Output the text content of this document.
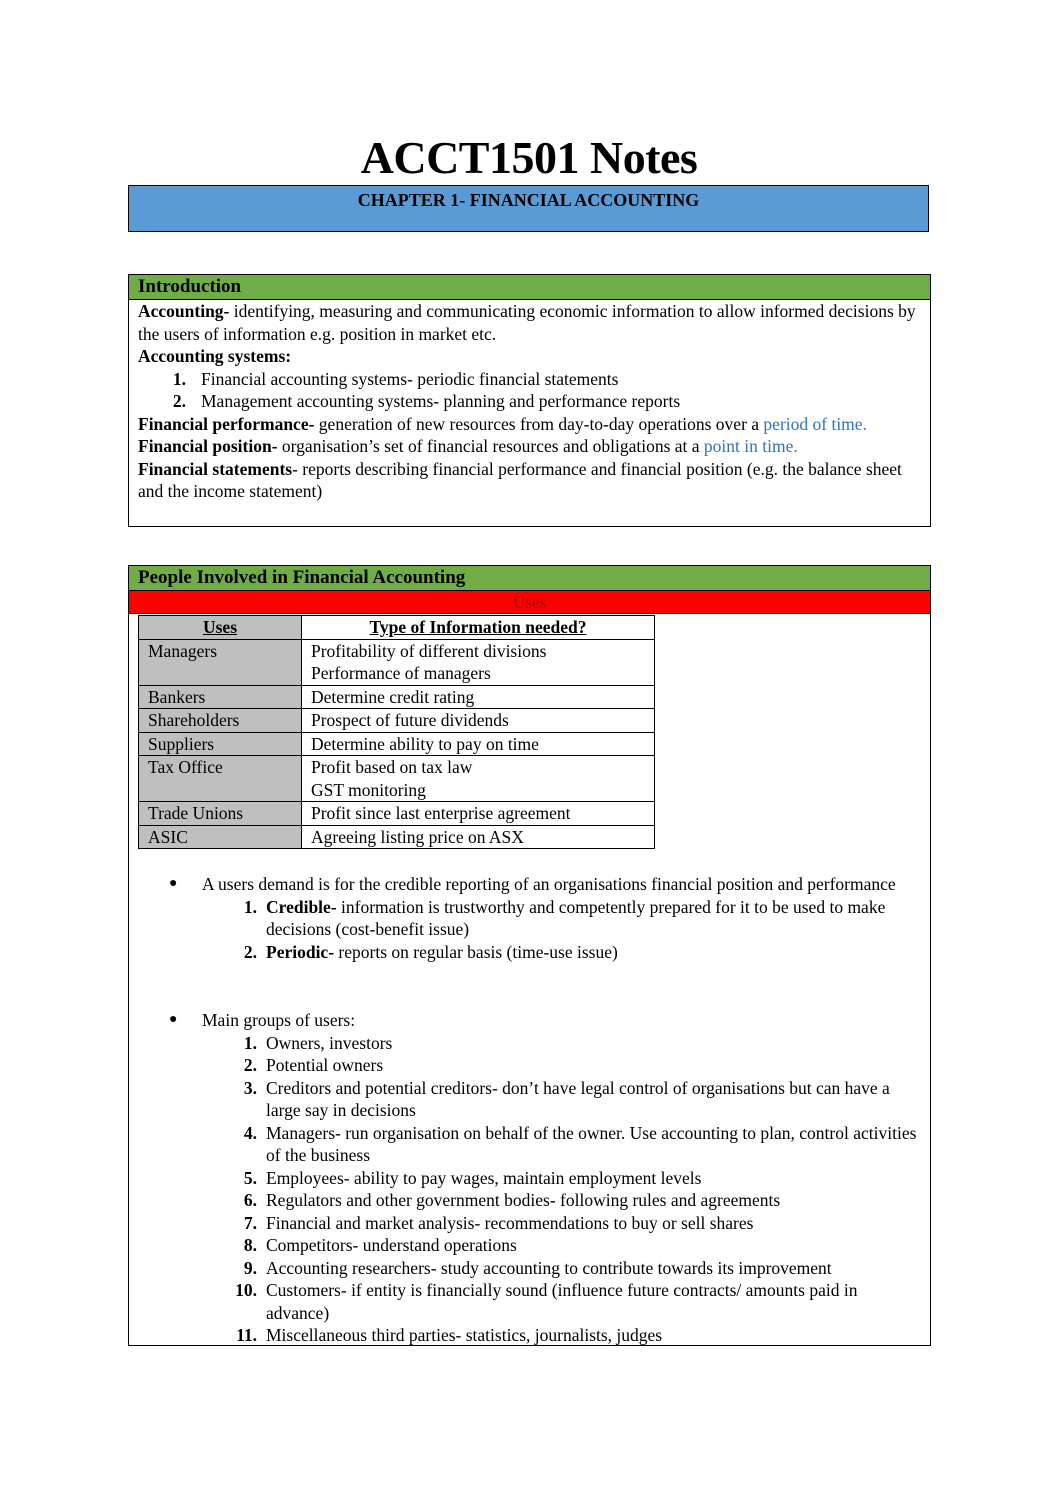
ACCT1501 Notes
CHAPTER 1- FINANCIAL ACCOUNTING
Introduction

Accounting- identifying, measuring and communicating economic information to allow informed decisions by the users of information e.g. position in market etc.

Accounting systems:

1. Financial accounting systems- periodic financial statements
2. Management accounting systems- planning and performance reports

Financial performance- generation of new resources from day-to-day operations over a period of time.

Financial position- organisation’s set of financial resources and obligations at a point in time.

Financial statements- reports describing financial performance and financial position (e.g. the balance sheet and the income statement)

People Involved in Financial Accounting
Uses
Uses	Type of Information needed?
Managers	Profitability of different divisions
Performance of managers

Bankers	Determine credit rating

Shareholders	Prospect of future dividends

Suppliers	Determine ability to pay on time

Tax Office	Profit based on tax law
GST monitoring

Trade Unions	Profit since last enterprise agreement

ASIC	Agreeing listing price on ASX
●	A users demand is for the credible reporting of an organisations financial position and performance
1. Credible- information is trustworthy and competently prepared for it to be used to make decisions (cost-benefit issue)
2. Periodic- reports on regular basis (time-use issue)
●	Main groups of users:
1. Owners, investors
2. Potential owners
3. Creditors and potential creditors- don’t have legal control of organisations but can have a large say in decisions
4. Managers- run organisation on behalf of the owner. Use accounting to plan, control activities of the business
5. Employees- ability to pay wages, maintain employment levels
6. Regulators and other government bodies- following rules and agreements
7. Financial and market analysis- recommendations to buy or sell shares
8. Competitors- understand operations
9. Accounting researchers- study accounting to contribute towards its improvement
10. Customers- if entity is financially sound (influence future contracts/ amounts paid in advance)
11. Miscellaneous third parties- statistics, journalists, judges
